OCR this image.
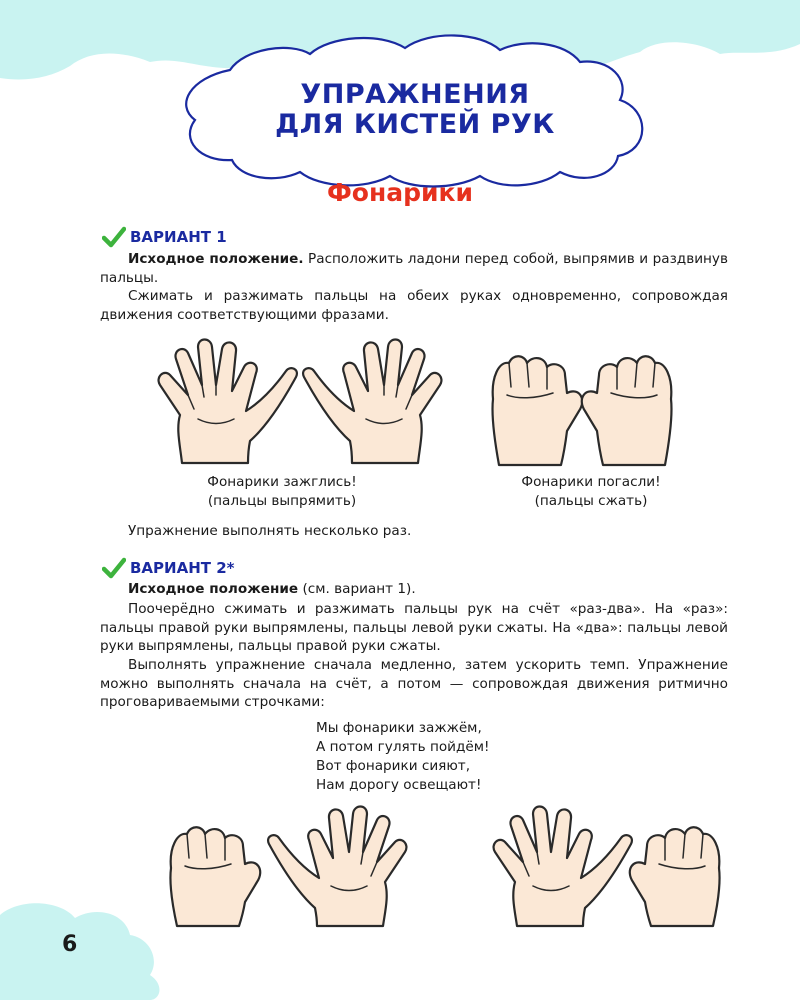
УПРАЖНЕНИЯ
ДЛЯ КИСТЕЙ РУК
Фонарики
ВАРИАНТ 1

Исходное положение. Расположить ладони перед собой, выпрямив и раздвинув пальцы.

Сжимать и разжимать пальцы на обеих руках одновременно, сопровождая движения соответствующими фразами.

Фонарики зажглись!
(пальцы выпрямить)
Фонарики погасли!
(пальцы сжать)

Упражнение выполнять несколько раз.

ВАРИАНТ 2*

Исходное положение (см. вариант 1).

Поочерёдно сжимать и разжимать пальцы рук на счёт «раз-два». На «раз»: пальцы правой руки выпрямлены, пальцы левой руки сжаты. На «два»: пальцы левой руки выпрямлены, пальцы правой руки сжаты.

Выполнять упражнение сначала медленно, затем ускорить темп. Упражнение можно выполнять сначала на счёт, а потом — сопровождая движения ритмично проговариваемыми строчками:

Мы фонарики зажжём,
А потом гулять пойдём!
Вот фонарики сияют,
Нам дорогу освещают!
6
